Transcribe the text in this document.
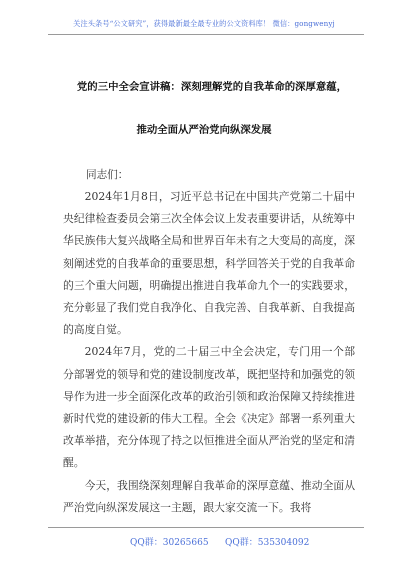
关注头条号“公文研究”，获得最新最全最专业的公文资料库！ 微信：gongwenyj
党的三中全会宣讲稿：深刻理解党的自我革命的深厚意蕴，
推动全面从严治党向纵深发展
同志们：

2024年1月8日，习近平总书记在中国共产党第二十届中央纪律检查委员会第三次全体会议上发表重要讲话，从统筹中华民族伟大复兴战略全局和世界百年未有之大变局的高度，深刻阐述党的自我革命的重要思想，科学回答关于党的自我革命的三个重大问题，明确提出推进自我革命九个一的实践要求，充分彰显了我们党自我净化、自我完善、自我革新、自我提高的高度自觉。

2024年7月，党的二十届三中全会决定，专门用一个部分部署党的领导和党的建设制度改革，既把坚持和加强党的领导作为进一步全面深化改革的政治引领和政治保障又持续推进新时代党的建设新的伟大工程。全会《决定》部署一系列重大改革举措，充分体现了持之以恒推进全面从严治党的坚定和清醒。

今天，我围绕深刻理解自我革命的深厚意蕴、推动全面从严治党向纵深发展这一主题，跟大家交流一下。我将

QQ群：30265665 QQ群：535304092
